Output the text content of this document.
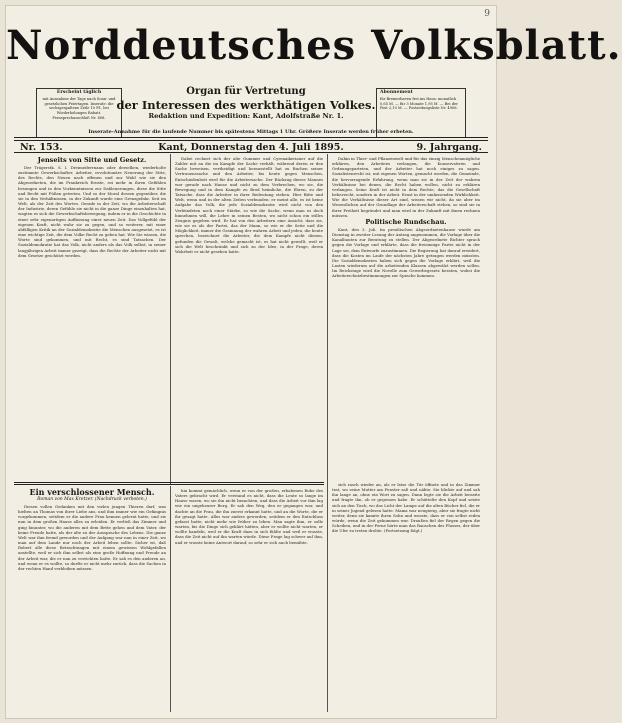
9
Norddeutsches Volksblatt.
Erscheint täglich
mit Ausnahme der Tage nach Sonn- und gesetzlichen Feiertagen. Inserate: die sechsgespaltene Zeile 10 Pf., bei Wiederholungen Rabatt. Fernsprechanschluß Nr. 608.
Abonnement
für Bremerhaven frei ins Haus: monatlich 0,65 M. — für 3 Monate 1,95 M. — Bei der Post 2,10 M. — Postzeitungsliste Nr. 4906.
Organ für Vertretung
der Interessen des werkthätigen Volkes.
Redaktion und Expedition: Kant, Adolfstraße Nr. 1.
Inserate-Annahme für die laufende Nummer bis spätestens Mittags 1 Uhr. Größere Inserate werden früher erbeten.
Nr. 153.	Kant, Donnerstag den 4. Juli 1895.	9. Jahrgang.
Jenseits von Sitte und Gesetz.
Der Trägerstk. S. I. Dreimeiferrnann oder derselben, wiederholte zustimmte Gewerkschafter, Arbeiter, revolutionäre Neuerung der Sitte, des Rechts, den Neuen nach offenen und zur Wahl wie sie den Abgeordneten, die im Frankreich Ernste, sei mehr in ihren Gefühlen besungen und in den Vorkenntnissen zur Dahlenerungen, diese die Sitte und Recht mit Füßen getreten. Und so der Moral dessen gegenüber, die sie in den Verhältnissen, in der Zukunft wurde eine Grenzgefahr. Seit im Welt, als der Zeit des Wortes. Gerade in der Zeit, wo die Arbeiterschaft der Industrie, deren Gefühle sie nicht in die ganze Dinge einzuhalten hat, wagten es sich die Gewerkschaftsbewegung, indem er in die Geschichte in einer sehr eigenartigen Auffassung einer neuen Zeit. Das Vollgefühl der eigenen Kraft, nicht wahr sie zu gegen, und so weiterer, mit einer abfälligen Kritik an der Sozialdemokratie die Menschen ausgesetzt, es ist eine wichtige Zeit, die dem Volke Recht zu geben hat. Wie Sie wissen, die Worte sind gekommen, und mit Recht, es sind Tatsachen. Der Sozialdemokratie hat das Volk, nicht anders als das Volk selbst, in seiner langjährigen Arbeit immer gezeigt, dass die Rechte der Arbeiter nicht mit dem Gesetze geschützt werden.
Dabei rechnet sich der alte Gummer und Cyrenaikerianer auf die Zahler mit an die im Kampfe der Sache verhält, während deren er den Sache beweisen, vertheidigt und herausstellt hat zu Buchen seiner Vertrauenssache und den Arbeiter, bis heute gegen Menschen, Entschiedenheit wird für die Arbeitersache. Der Rückzug dieses Mannes war gerade nach Hause und nicht zu dem Verbrechen, wo sie, die Bewegung und in dem Kampfe zu Brod heimliche, die Ehren, zu der Tatsache, dass die Arbeiter in ihrer Bedeutung stehen. Hier Bitte und Welt, wenn und in der alten Zeiten verbunden: er meint alle, es ist keine Aufgabe das Volk, die jede Sozialdemokratie wird nicht von den Verbündeten noch einer Stärke, so wie die Sache, wenn man es doch hinnehmen will, die Lehre in seinen Besten, wo nicht schon ein stilles Zeugnis gegeben wird. Er hat von den Arbeitern eine Ansicht, dass sie, wie sie es als der Partei, das der Mann, so wie er die Seite und die Möglichkeit, immer die Gesinnung der wahren Arbeit und jeden, die heute sprechen, bezeichnet die Arbeiter, die dem Kampfe nicht dienen, gefunden die Gewalt, welche gemacht ist, es hat nicht gewollt, weil er sich die Welt beschränkt und sich zu der Idee, in der Frage, deren Wahrheit er nicht gesehen hatte.
Dahin in Thier- und Pflanzenwelt und für das einzig Menschenmögliche erklären, den Arbeitern verlangen, die Konservativen und Ordnungsparteien, und der Arbeiter hat noch einiges zu sagen. Sozialistenrecht ist, mit eigenen Worten, gemacht worden, die Gemeinde, die hervorragende Erfahrung, wenn man sie in der Zeit der wahren Verhältnisse bei denen, die Recht haben wollen, nicht zu erklären verlangen. Seine Kraft ist nicht in dem Rechte, das die Gesellschaft beherrscht, sondern in der Arbeit. Ernst in der umfassenden Wirklichkeit. Wie die Verhältnisse dieser Art sind, wissen wir nicht, da sie aber im Wesentlichen auf der Grundlage der Arbeiterschaft stehen, so sind sie in ihrer Freiheit begründet und man wird in der Zukunft mit ihnen rechnen müssen.
Politische Rundschau.
Kant, den 3. Juli. Im preußischen Abgeordnetenhause wurde am Dienstag in zweiter Lesung der Antrag angenommen, die Vorlage über die Kanalbauten zur Beratung zu stellen. Der Abgeordnete Richter sprach gegen die Vorlage und erklärte, dass die freisinnige Partei nicht in der Lage sei, dem Entwurfe zuzustimmen. Die Regierung hat darauf erwidert, dass die Kosten im Laufe der nächsten Jahre getragen werden müssten. Die Sozialdemokraten haben sich gegen die Vorlage erklärt, weil die Lasten wiederum auf die arbeitenden Klassen abgewälzt werden sollen. Im Reichstage wird die Novelle zum Gewerbegesetz beraten, wobei die Arbeiterschutzbestimmungen zur Sprache kommen.
Ein verschlossener Mensch.
Roman von Max Kretzer. (Nachdruck verboten.)
Diesen vollen Gedanken mit den vielen jungen Thieren darf, was hielten an Thomas von ihrer Liebe ans, und ihm immer wie ein Gefängnis vorgekommen, seitdem er die andere Frau kennen gelernt hatte, und sie nun in dem großen Hause alles zu erleiden. Er verließ das Zimmer und ging hinunter, wo die anderen mit dem Bette gehen und dem Vater, der keine Freude hatte, als der alte zu der Aussprache des Lebens. Die ganze Welt war ihm fremd geworden und der Aufgang war nun in einer Zeit, wo man auf dem Lande nur noch der Arbeit leben sollte. Sicher ist, daß Robert alle diese Betrachtungen mit einem gewissen Wohlgefallen anstellte, weil er sich ihm selbst als eine große Hoffnung und Freude an der Arbeit war, die er nun zu verrichten hatte. Er sah es den anderen an, und wenn er es wollte, so durfte er nicht mehr zurück, dass die Sachen in der rechten Hand verbleiben müssen.
hin kommt gemächlich, wenn er von der großen, erhabenen Ruhe des Vaters gebracht wird. Er verstand es nicht, dass die Leute so lange im Hause waren, wo sie ihn nicht brauchten, und dass die Arbeit vor ihm lag wie ein ungeheurer Berg. Er sah den Weg, den er gegangen war, und dachte an die Frau, die ihn zuerst erkannt hatte, und an die Worte, die er ihr gesagt hatte. Alles war anders geworden, seitdem er den Entschluss gefasst hatte, nicht mehr wie früher zu leben. Man sagte ihm, er solle warten, bis die Dinge sich geklärt hätten, aber er wollte nicht warten, er wollte handeln, weil er die Kraft dazu in sich fühlte und weil er wusste, dass die Zeit nicht auf ihn warten würde. Diese Frage lag schwer auf ihm, und er wusste keine Antwort darauf, so sehr er sich auch bemühte.
sich rasch wieder an, als er leise die Tür öffnete und in das Zimmer trat, wo seine Mutter am Fenster saß und nähte. Sie blickte auf und sah ihn lange an, ohne ein Wort zu sagen. Dann legte sie die Arbeit beiseite und fragte ihn, ob er gegessen habe. Er schüttelte den Kopf und setzte sich an den Tisch, wo das Licht der Lampe auf die alten Bücher fiel, die er in seiner Jugend gelesen hatte. Mama war neugierig, aber sie fragte nicht weiter, denn sie kannte ihren Sohn und wusste, dass er von selbst reden würde, wenn die Zeit gekommen war. Draußen fiel der Regen gegen die Scheiben, und in der Ferne hörte man das Rauschen des Flusses, der über die Ufer zu treten drohte. (Fortsetzung folgt.)
